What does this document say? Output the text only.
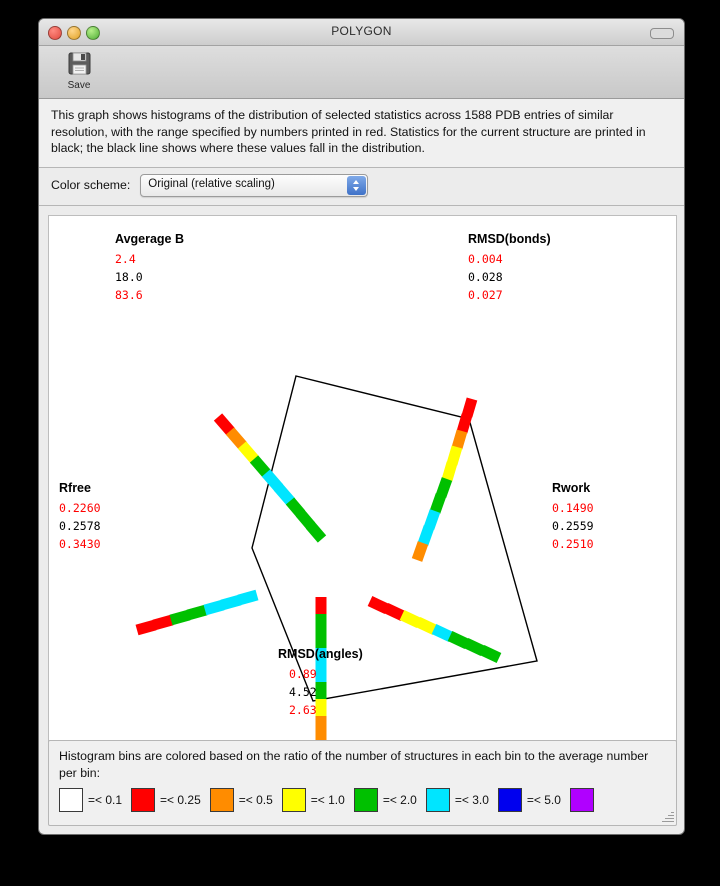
POLYGON
Save

This graph shows histograms of the distribution of selected statistics across 1588 PDB entries of similar resolution, with the range specified by numbers printed in red. Statistics for the current structure are printed in black; the black line shows where these values fall in the distribution.

Color scheme: Original (relative scaling)
Avgerage B
2.4
18.0
83.6
RMSD(bonds)
0.004
0.028
0.027
Rwork
0.1490
0.2559
0.2510
RMSD(angles)
0.89
4.52
2.63
Rfree
0.2260
0.2578
0.3430

Histogram bins are colored based on the ratio of the number of structures in each bin to the average number per bin:

=< 0.1	=< 0.25	=< 0.5	=< 1.0	=< 2.0	=< 3.0	=< 5.0
